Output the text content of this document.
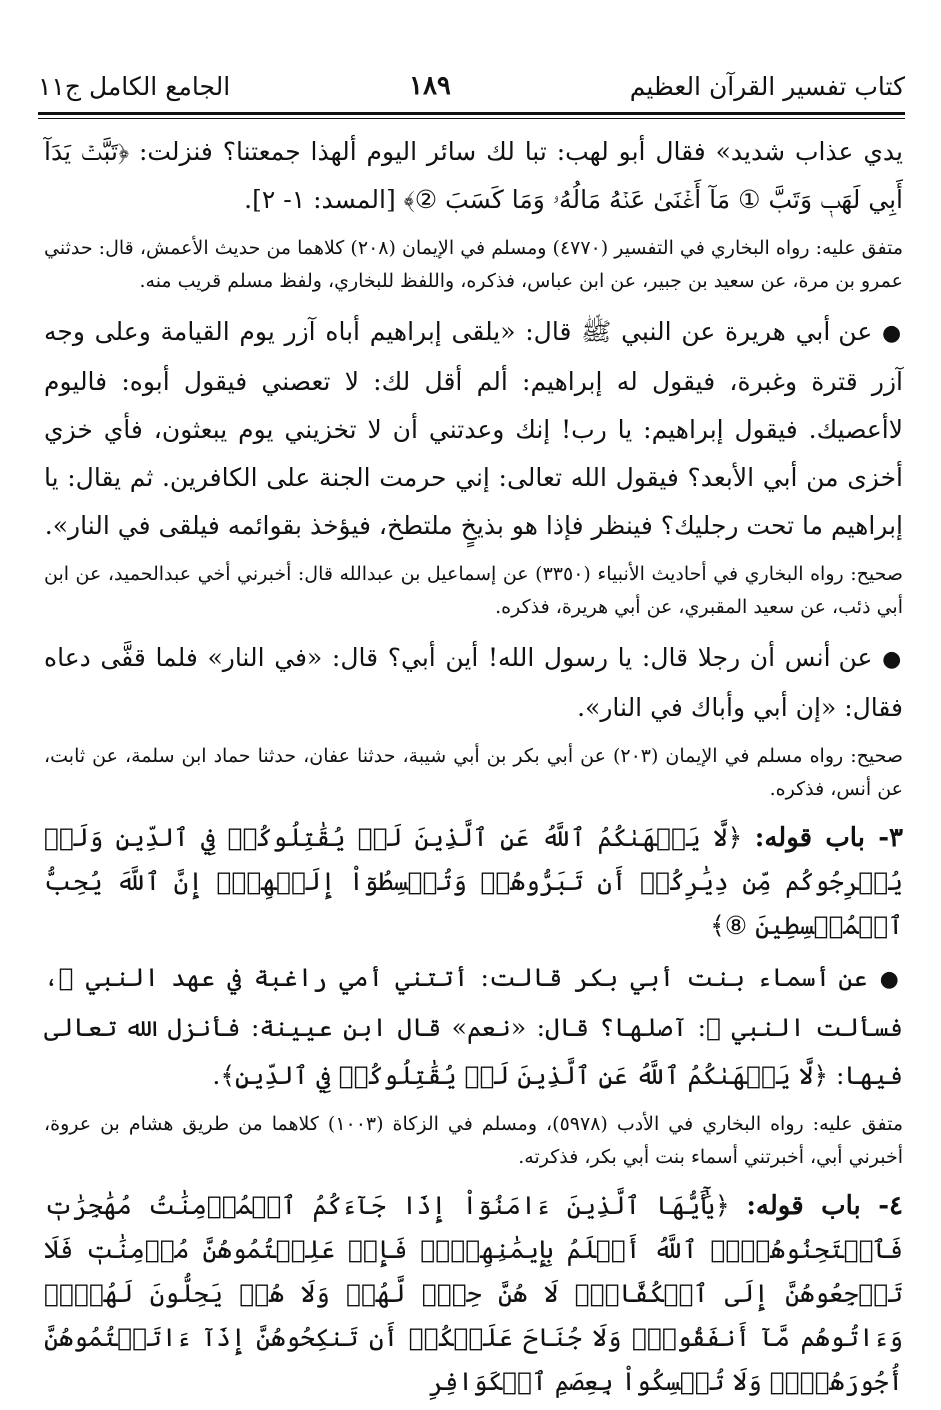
كتاب تفسير القرآن العظيم
١٨٩
الجامع الكامل ج١١

يدي عذاب شديد» فقال أبو لهب: تبا لك سائر اليوم ألهذا جمعتنا؟ فنزلت: ﴿تَبَّتۡ يَدَآ أَبِي لَهَبٖ وَتَبَّ ① مَآ أَغۡنَىٰ عَنۡهُ مَالُهُۥ وَمَا كَسَبَ ②﴾ [المسد: ١- ٢].

متفق عليه: رواه البخاري في التفسير (٤٧٧٠) ومسلم في الإيمان (٢٠٨) كلاهما من حديث الأعمش، قال: حدثني عمرو بن مرة، عن سعيد بن جبير، عن ابن عباس، فذكره، واللفظ للبخاري، ولفظ مسلم قريب منه.

● عن أبي هريرة عن النبي ﷺ قال: «يلقى إبراهيم أباه آزر يوم القيامة وعلى وجه آزر قترة وغبرة، فيقول له إبراهيم: ألم أقل لك: لا تعصني فيقول أبوه: فاليوم لاأعصيك. فيقول إبراهيم: يا رب! إنك وعدتني أن لا تخزيني يوم يبعثون، فأي خزي أخزى من أبي الأبعد؟ فيقول الله تعالى: إني حرمت الجنة على الكافرين. ثم يقال: يا إبراهيم ما تحت رجليك؟ فينظر فإذا هو بذيخٍ ملتطخ، فيؤخذ بقوائمه فيلقى في النار».

صحيح: رواه البخاري في أحاديث الأنبياء (٣٣٥٠) عن إسماعيل بن عبدالله قال: أخبرني أخي عبدالحميد، عن ابن أبي ذئب، عن سعيد المقبري، عن أبي هريرة، فذكره.

● عن أنس أن رجلا قال: يا رسول الله! أين أبي؟ قال: «في النار» فلما قفَّى دعاه فقال: «إن أبي وأباك في النار».

صحيح: رواه مسلم في الإيمان (٢٠٣) عن أبي بكر بن أبي شيبة، حدثنا عفان، حدثنا حماد ابن سلمة، عن ثابت، عن أنس، فذكره.

٣- باب قوله: ﴿لَّا يَنۡهَىٰكُمُ ٱللَّهُ عَنِ ٱلَّذِينَ لَمۡ يُقَٰتِلُوكُمۡ فِي ٱلدِّينِ وَلَمۡ يُخۡرِجُوكُم مِّن دِيَٰرِكُمۡ أَن تَبَرُّوهُمۡ وَتُقۡسِطُوٓاْ إِلَيۡهِمۡۚ إِنَّ ٱللَّهَ يُحِبُّ ٱلۡمُقۡسِطِينَ ⑧﴾

● عن أسماء بنت أبي بكر قالت: أتتني أمي راغبة في عهد النبي ﷺ، فسألت النبي ﷺ: آصلها؟ قال: «نعم» قال ابن عيينة: فأنزل الله تعالى فيها: ﴿لَّا يَنۡهَىٰكُمُ ٱللَّهُ عَنِ ٱلَّذِينَ لَمۡ يُقَٰتِلُوكُمۡ فِي ٱلدِّينِ﴾.

متفق عليه: رواه البخاري في الأدب (٥٩٧٨)، ومسلم في الزكاة (١٠٠٣) كلاهما من طريق هشام بن عروة، أخبرني أبي، أخبرتني أسماء بنت أبي بكر، فذكرته.

٤- باب قوله: ﴿يَٰٓأَيُّهَا ٱلَّذِينَ ءَامَنُوٓاْ إِذَا جَآءَكُمُ ٱلۡمُؤۡمِنَٰتُ مُهَٰجِرَٰتٖ فَٱمۡتَحِنُوهُنَّۖ ٱللَّهُ أَعۡلَمُ بِإِيمَٰنِهِنَّۖ فَإِنۡ عَلِمۡتُمُوهُنَّ مُؤۡمِنَٰتٖ فَلَا تَرۡجِعُوهُنَّ إِلَى ٱلۡكُفَّارِۖ لَا هُنَّ حِلّٞ لَّهُمۡ وَلَا هُمۡ يَحِلُّونَ لَهُنَّۖ وَءَاتُوهُم مَّآ أَنفَقُواْۚ وَلَا جُنَاحَ عَلَيۡكُمۡ أَن تَنكِحُوهُنَّ إِذَآ ءَاتَيۡتُمُوهُنَّ أُجُورَهُنَّۚ وَلَا تُمۡسِكُواْ بِعِصَمِ ٱلۡكَوَافِرِ
